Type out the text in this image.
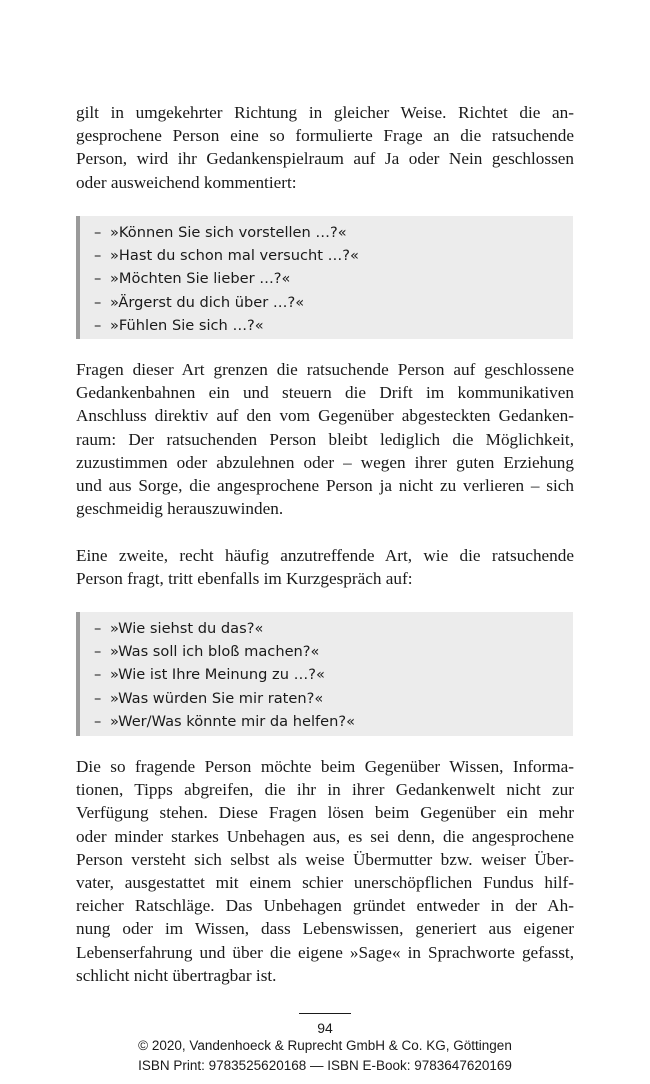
gilt in umgekehrter Richtung in gleicher Weise. Richtet die an-
gesprochene Person eine so formulierte Frage an die ratsuchende
Person, wird ihr Gedankenspielraum auf Ja oder Nein geschlossen
oder ausweichend kommentiert:
– »Können Sie sich vorstellen …?«
– »Hast du schon mal versucht …?«
– »Möchten Sie lieber …?«
– »Ärgerst du dich über …?«
– »Fühlen Sie sich …?«
Fragen dieser Art grenzen die ratsuchende Person auf geschlossene
Gedankenbahnen ein und steuern die Drift im kommunikativen
Anschluss direktiv auf den vom Gegenüber abgesteckten Gedanken-
raum: Der ratsuchenden Person bleibt lediglich die Möglichkeit,
zuzustimmen oder abzulehnen oder – wegen ihrer guten Erziehung
und aus Sorge, die angesprochene Person ja nicht zu verlieren – sich
geschmeidig herauszuwinden.
Eine zweite, recht häufig anzutreffende Art, wie die ratsuchende
Person fragt, tritt ebenfalls im Kurzgespräch auf:
– »Wie siehst du das?«
– »Was soll ich bloß machen?«
– »Wie ist Ihre Meinung zu …?«
– »Was würden Sie mir raten?«
– »Wer/Was könnte mir da helfen?«
Die so fragende Person möchte beim Gegenüber Wissen, Informa-
tionen, Tipps abgreifen, die ihr in ihrer Gedankenwelt nicht zur
Verfügung stehen. Diese Fragen lösen beim Gegenüber ein mehr
oder minder starkes Unbehagen aus, es sei denn, die angesprochene
Person versteht sich selbst als weise Übermutter bzw. weiser Über-
vater, ausgestattet mit einem schier unerschöpflichen Fundus hilf-
reicher Ratschläge. Das Unbehagen gründet entweder in der Ah-
nung oder im Wissen, dass Lebenswissen, generiert aus eigener
Lebenserfahrung und über die eigene »Sage« in Sprachworte gefasst,
schlicht nicht übertragbar ist.
94
© 2020, Vandenhoeck & Ruprecht GmbH & Co. KG, Göttingen
ISBN Print: 9783525620168 — ISBN E-Book: 9783647620169
